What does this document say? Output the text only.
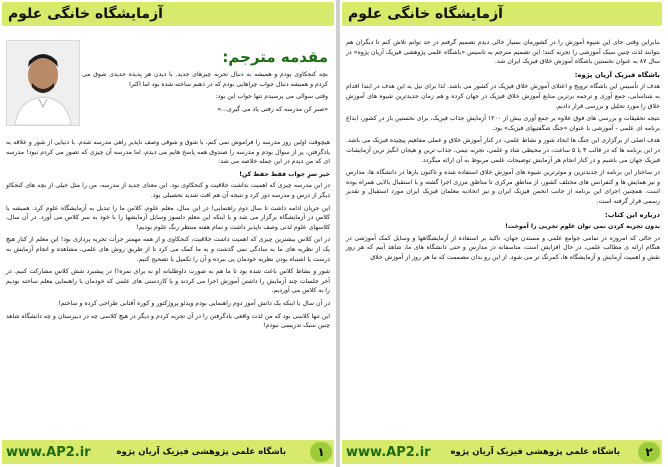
آزمایشگاه خانگی علوم
مقدمه مترجم:

بچه کنجکاوی بودم و همیشه به دنبال تجربه چیزهای جدید. با دیدن هر پدیده جدیدی شوق می کردم و همیشه دنبال جواب چراهایی بودم که در ذهنم ساخته شده بود اما اکثرا

وقتی سوالی می پرسیدم تنها جواب این بود:

«صبر کن مدرسه که رفتی یاد می گیری...»

هیچوقت اولین روز مدرسه را فراموش نمی کنم، با شوق و شوقی وصف ناپذیر راهی مدرسه شدم. با دنیایی از شور و علاقه به یادگرفتن، پر از سوال بودم و مدرسه را صندوق همه پاسخ هایم می دیدم، اما مدرسه آن چیزی که تصور می کردم نبود! مدرسه ای که من دیدم در این جمله خلاصه می شد:

خیر سرِ جواب فقط حفظ کن!

در این مدرسه چیزی که اهمیت نداشت خلاقیت و کنجکاوی بود. این معنای جدید از مدرسه، من را مثل خیلی از بچه های کنجکاو دیگر از درس و مدرسه دور کرد و نتیجه آن هم افت شدید تحصیلی بود.

این جریان ادامه داشت تا سال دوم راهنمایی! در این سال، معلم علوم، کلاس ما را تبدیل به آزمایشگاه علوم کرد. همیشه با کلاس در آزمایشگاه برگزار می شد و یا اینکه این معلم دلسوز وسایل آزمایشها را با خود به سر کلاس می آورد. در آن سال، کلاسهای علوم لذتی وصف ناپذیر داشت و تمام هفته منتظر زنگ علوم بودیم!

در این کلاس بیشترین چیزی که اهمیت داشت خلاقیت، کنجکاوی و از همه مهمتر جرأت تجربه پردازی بود! این معلم از کنار هیچ یک از نظریه های ما به سادگی نمی گذشت و به ما کمک می کرد تا از طریق روش های علمی، مشاهده و انجام آزمایش به درست یا اشتباه بودن نظریه خودمان پی ببرده و آن را تکمیل یا تصحیح کنیم.

شور و نشاط کلاس باعث شده بود تا ما هم به صورت داوطلبانه (و نه برای نمره!) در پیشبرد شش کلاس مشارکت کنیم. در آخر جلسات چند آزمایش را داشتن آموزش اجرا می کردند و یا کاردستی های علمی که خودمان با راهنمایی معلم ساخته بودیم را به کلاس می آوردیم.

در آن سال با اینکه یک دانش آموز دوم راهنمایی بودم ویدئو پروژکتور و کوره آفتابی طراحی کرده و ساختم!

این تنها کلاسی بود که من لذت واقعی یادگرفتن را در آن تجربه کردم و دیگر در هیچ کلاسی چه در دبیرستان و چه دانشگاه شاهد چنین سبک تدریسی نبودم!

www.AP2.ir	باشگاه علمی پژوهشی فیزیک آریان پژوه	۱
آزمایشگاه خانگی علوم

بنابراین وقتی جای این شیوه آموزش را در کشورمان بسیار خالی دیدم تصمیم گرفتم در حد توانم تلاش کنم تا دیگران هم بتوانند لذت چنین سبک آموزشی را تجربه کنند؛ این تصمیم مترجم به تاسیس «باشگاه علمی پژوهشی فیزیک آریان پژوه» در سال ۸۷ به عنوان نخستین باشگاه آموزش خلاق فیزیک ایران شد.

باشگاه فیزیک آریان پژوه:

هدف از تأسیس این باشگاه ترویج و اعتلای آموزش خلاق فیزیک در کشور می باشد. لذا برای نیل به این هدف در ابتدا اقدام به شناسایی، جمع آوری و ترجمه برترین منابع آموزش خلاق فیزیک در جهان کرده و هم زمان جدیدترین شیوه های آموزش خلاق را مورد تحلیل و بررسی قرار دادیم.

نتیجه تحقیقات و بررسی های فوق علاوه بر جمع آوری بیش از ۱۲۰۰ آزمایش جذاب فیزیک، برای نخستین بار در کشور، ابداع برنامه ای علمی - آموزشی با عنوان «جنگ شگفتیهای فیزیک» بود.

هدف اصلی از برگزاری این جنگ ها ایجاد شور و نشاط علمی، در کنار آموزش خلاق و عملی مفاهیم پیچیده فیزیک می باشد. در این برنامه ها که در قالب ۳ یا ۵ ساعت، در محیطی شاد و علمی، تجربه تیمی، جذاب ترین و هیجان انگیز ترین آزمایشات فیزیک جهان می باشیم و در کنار انجام هر آزمایش توضیحات علمی مربوط به آن ارائه میگردد.

در ساختار این برنامه از جدیدترین و موثرترین شیوه های آموزش خلاق استفاده شده و تاکنون بارها در دانشگاه ها، مدارس و نیز همایش ها و کنفرانس های مختلف کشور، از مناطق مرکزی تا مناطق مرزی اجرا گشته و با استقبال بالایی همراه بوده است. همچنین اجرای این برنامه از جانب انجمن فیزیک ایران و نیز اتحادیه معلمان فیزیک ایران مورد استقبال و تقدیر رسمی قرار گرفته است.

درباره این کتاب:

بدون تجربه کردن نمی توان علوم تجربی را آموخت!

در حالی که امروزه در تمامی جوامع علمی و مستدن جهان، تاکید بر استفاده از آزمایشگاهها و وسایل کمک آموزشی در هنگام ارائه ی مطالب علمی، در حال افزایش است، متاسفانه در مدارس و حتی دانشگاه های ما، شاهد آنیم که هر روز نقش و اهمیت آزمایش و آزمایشگاه ها، کمرنگ تر می شود. از این رو بدان مصممت که ما هر روز از آموزش خلاق

www.AP2.ir	باشگاه علمی پژوهشی فیزیک آریان پژوه	۲
